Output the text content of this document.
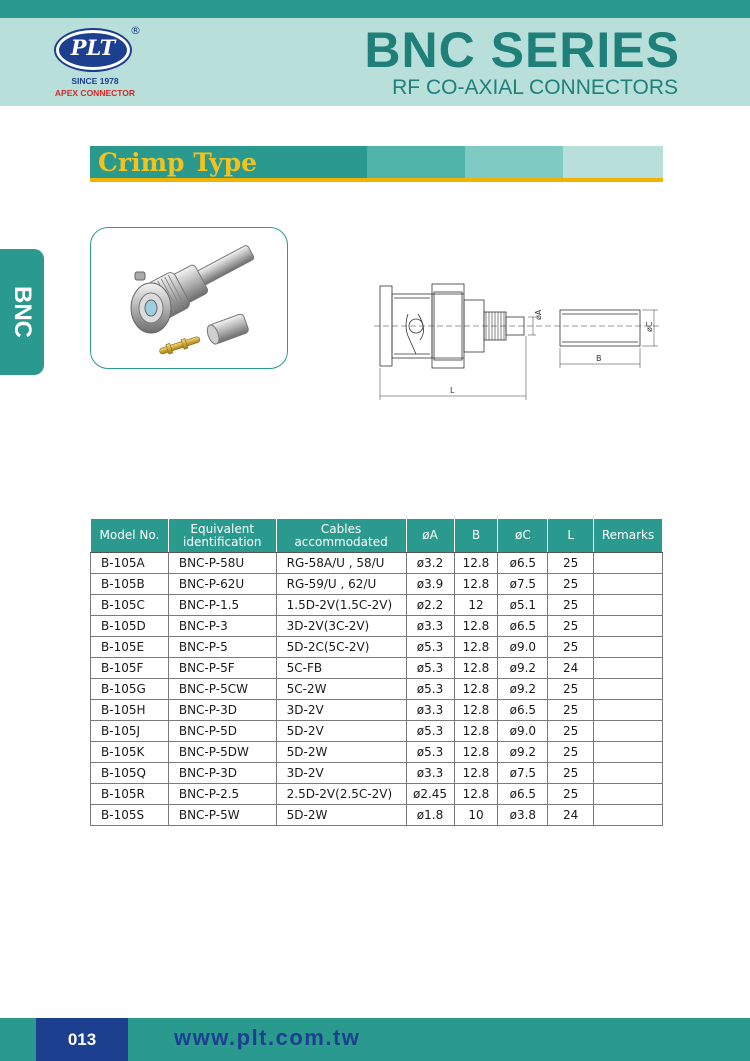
PLT
®
SINCE 1978
APEX CONNECTOR
BNC SERIES
RF CO-AXIAL CONNECTORS
Crimp Type
BNC
L
øA
B
øC
Model No.	Equivalent identification	Cables accommodated	øA	B	øC	L	Remarks
B-105A	BNC-P-58U	RG-58A/U , 58/U	ø3.2	12.8	ø6.5	25	
B-105B	BNC-P-62U	RG-59/U , 62/U	ø3.9	12.8	ø7.5	25	
B-105C	BNC-P-1.5	1.5D-2V(1.5C-2V)	ø2.2	12	ø5.1	25	
B-105D	BNC-P-3	3D-2V(3C-2V)	ø3.3	12.8	ø6.5	25	
B-105E	BNC-P-5	5D-2C(5C-2V)	ø5.3	12.8	ø9.0	25	
B-105F	BNC-P-5F	5C-FB	ø5.3	12.8	ø9.2	24	
B-105G	BNC-P-5CW	5C-2W	ø5.3	12.8	ø9.2	25	
B-105H	BNC-P-3D	3D-2V	ø3.3	12.8	ø6.5	25	
B-105J	BNC-P-5D	5D-2V	ø5.3	12.8	ø9.0	25	
B-105K	BNC-P-5DW	5D-2W	ø5.3	12.8	ø9.2	25	
B-105Q	BNC-P-3D	3D-2V	ø3.3	12.8	ø7.5	25	
B-105R	BNC-P-2.5	2.5D-2V(2.5C-2V)	ø2.45	12.8	ø6.5	25	
B-105S	BNC-P-5W	5D-2W	ø1.8	10	ø3.8	24	
013	www.plt.com.tw
